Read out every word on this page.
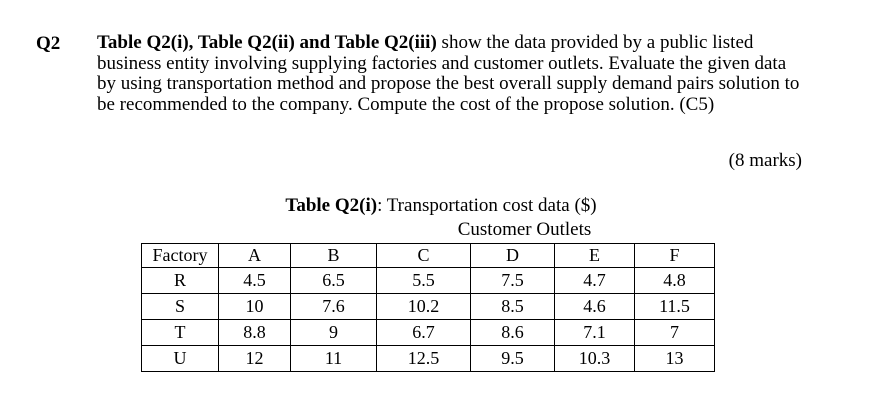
Q2 Table Q2(i), Table Q2(ii) and Table Q2(iii) show the data provided by a public listed business entity involving supplying factories and customer outlets. Evaluate the given data by using transportation method and propose the best overall supply demand pairs solution to be recommended to the company. Compute the cost of the propose solution. (C5)
(8 marks)
Table Q2(i): Transportation cost data ($)
Customer Outlets
Factory	A	B	C	D	E	F
R	4.5	6.5	5.5	7.5	4.7	4.8
S	10	7.6	10.2	8.5	4.6	11.5
T	8.8	9	6.7	8.6	7.1	7
U	12	11	12.5	9.5	10.3	13
